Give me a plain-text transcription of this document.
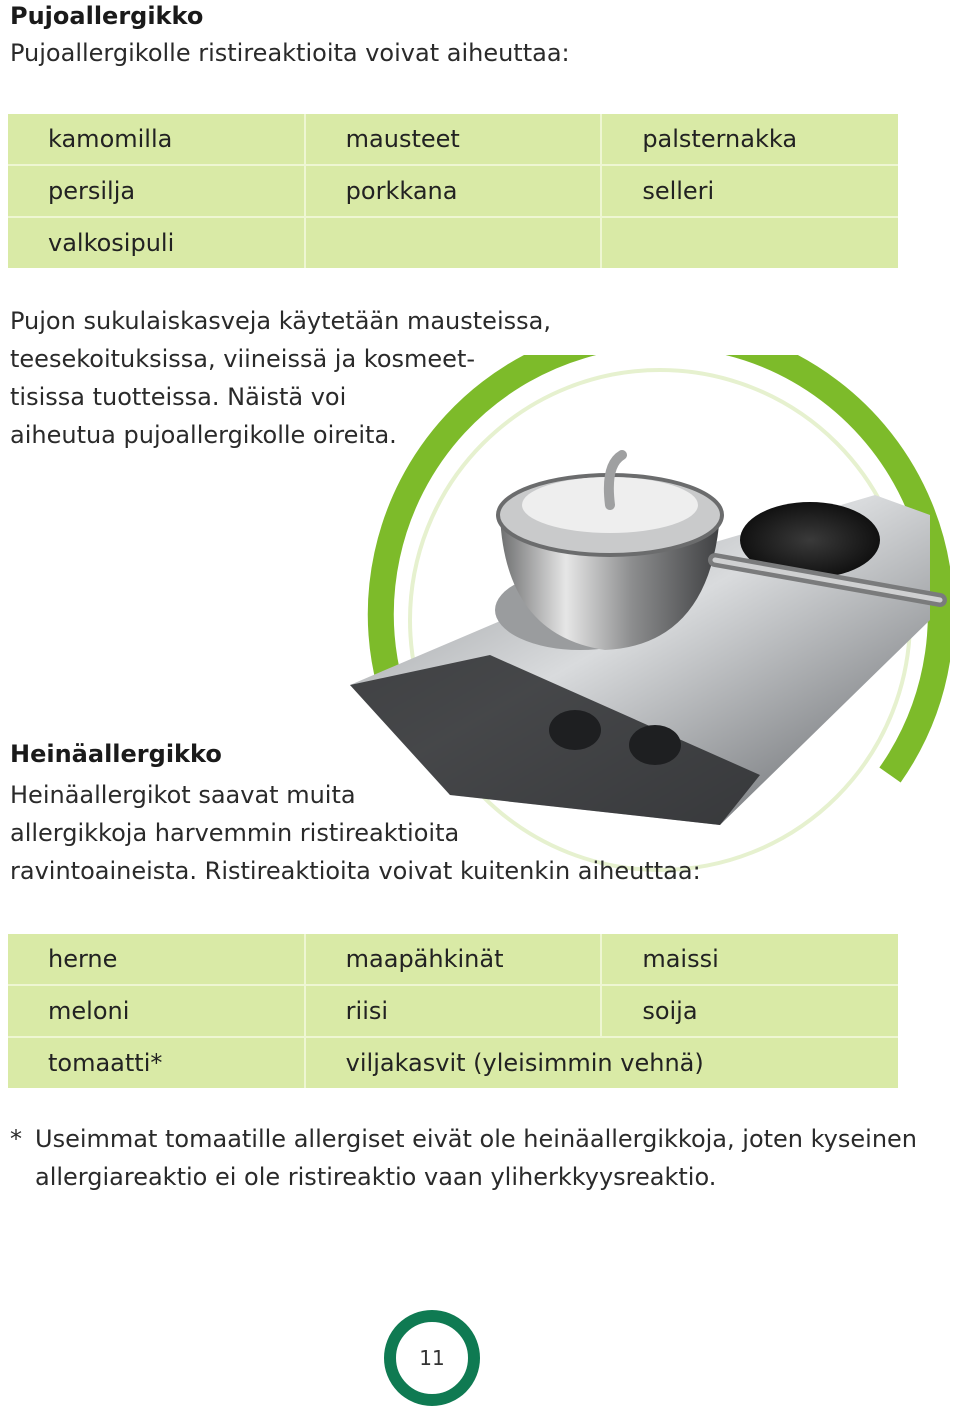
Pujoallergikko

Pujoallergikolle ristireaktioita voivat aiheuttaa:

kamomilla	mausteet	palsternakka
persilja	porkkana	selleri
valkosipuli		

Pujon sukulaiskasveja käytetään mausteissa,
teesekoituksissa, viineissä ja kosmeet-
tisissa tuotteissa. Näistä voi
aiheutua pujoallergikolle oireita.

Heinäallergikko

Heinäallergikot saavat muita
allergikkoja harvemmin ristireaktioita
ravintoaineista. Ristireaktioita voivat kuitenkin aiheuttaa:

herne	maapähkinät	maissi
meloni	riisi	soija
tomaatti*	viljakasvit (yleisimmin vehnä)	
* Useimmat tomaatille allergiset eivät ole heinäallergikkoja, joten kyseinen allergiareaktio ei ole ristireaktio vaan yliherkkyysreaktio.
11
